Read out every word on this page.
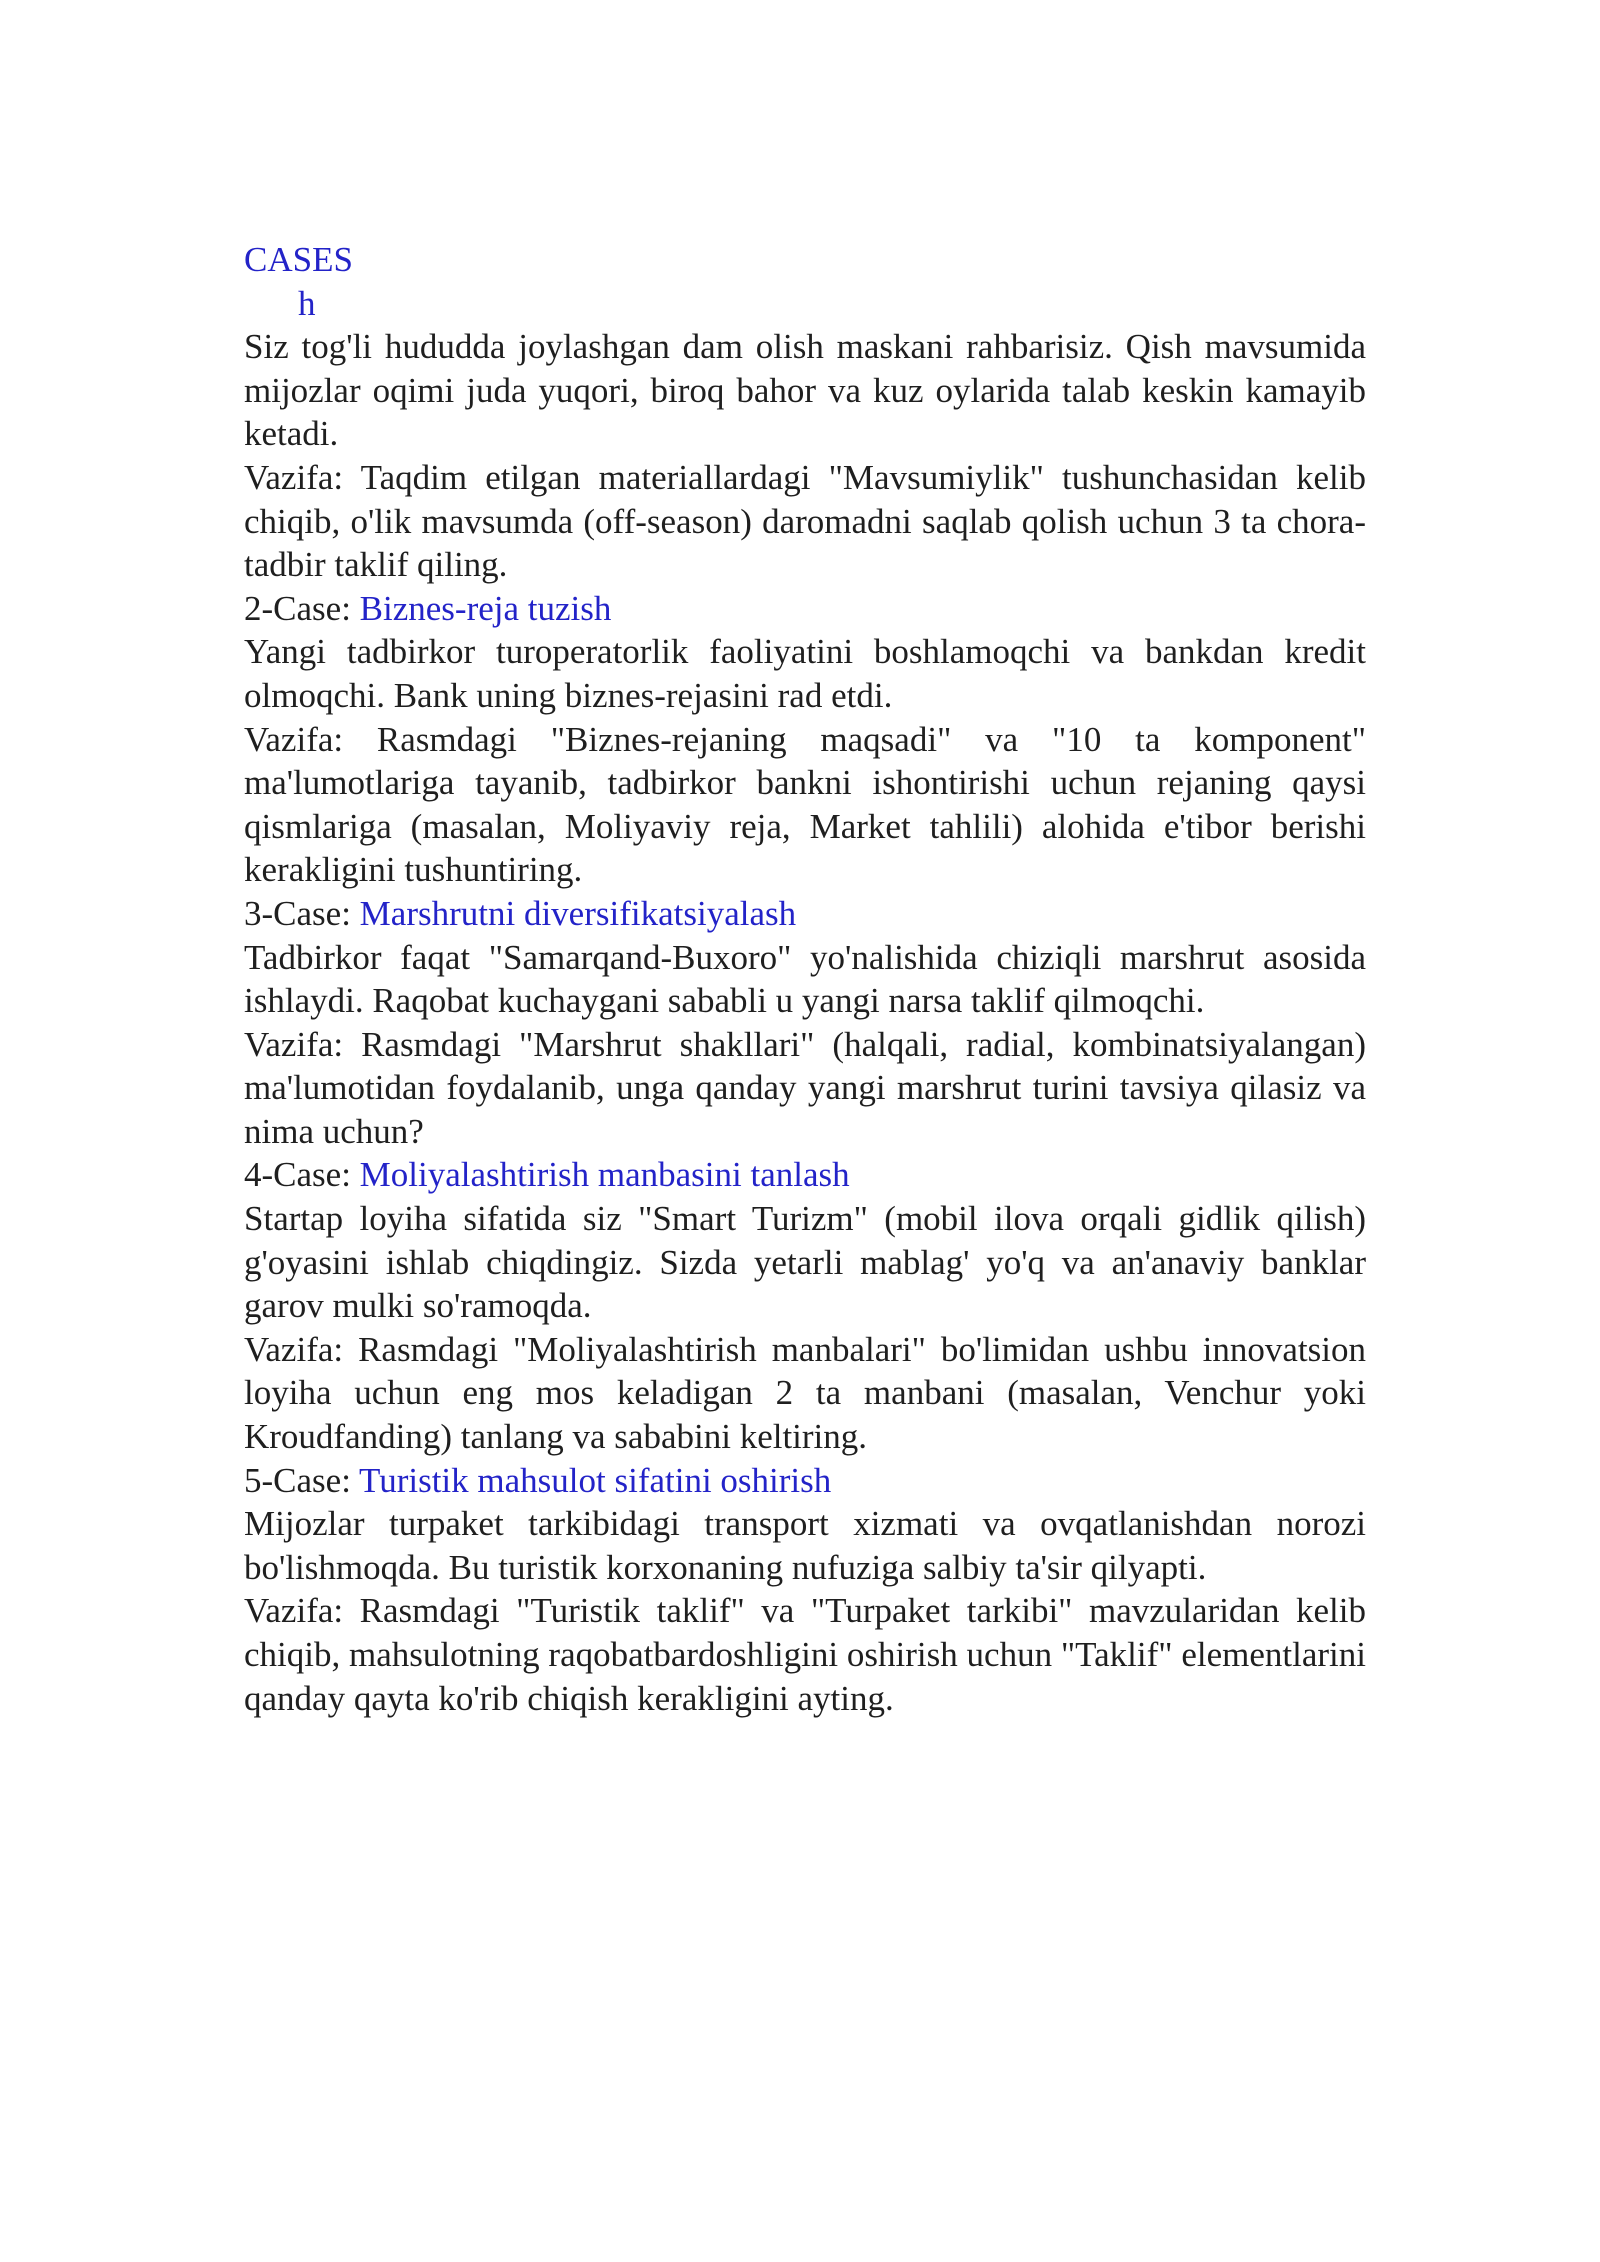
CASES
h

Siz tog'li hududda joylashgan dam olish maskani rahbarisiz. Qish mavsumida mijozlar oqimi juda yuqori, biroq bahor va kuz oylarida talab keskin kamayib ketadi.

Vazifa: Taqdim etilgan materiallardagi "Mavsumiylik" tushunchasidan kelib chiqib, o'lik mavsumda (off-season) daromadni saqlab qolish uchun 3 ta chora-tadbir taklif qiling.

2-Case: Biznes-reja tuzish

Yangi tadbirkor turoperatorlik faoliyatini boshlamoqchi va bankdan kredit olmoqchi. Bank uning biznes-rejasini rad etdi.

Vazifa: Rasmdagi "Biznes-rejaning maqsadi" va "10 ta komponent" ma'lumotlariga tayanib, tadbirkor bankni ishontirishi uchun rejaning qaysi qismlariga (masalan, Moliyaviy reja, Market tahlili) alohida e'tibor berishi kerakligini tushuntiring.

3-Case: Marshrutni diversifikatsiyalash

Tadbirkor faqat "Samarqand-Buxoro" yo'nalishida chiziqli marshrut asosida ishlaydi. Raqobat kuchaygani sababli u yangi narsa taklif qilmoqchi.

Vazifa: Rasmdagi "Marshrut shakllari" (halqali, radial, kombinatsiyalangan) ma'lumotidan foydalanib, unga qanday yangi marshrut turini tavsiya qilasiz va nima uchun?

4-Case: Moliyalashtirish manbasini tanlash

Startap loyiha sifatida siz "Smart Turizm" (mobil ilova orqali gidlik qilish) g'oyasini ishlab chiqdingiz. Sizda yetarli mablag' yo'q va an'anaviy banklar garov mulki so'ramoqda.

Vazifa: Rasmdagi "Moliyalashtirish manbalari" bo'limidan ushbu innovatsion loyiha uchun eng mos keladigan 2 ta manbani (masalan, Venchur yoki Kroudfanding) tanlang va sababini keltiring.

5-Case: Turistik mahsulot sifatini oshirish

Mijozlar turpaket tarkibidagi transport xizmati va ovqatlanishdan norozi bo'lishmoqda. Bu turistik korxonaning nufuziga salbiy ta'sir qilyapti.

Vazifa: Rasmdagi "Turistik taklif" va "Turpaket tarkibi" mavzularidan kelib chiqib, mahsulotning raqobatbardoshligini oshirish uchun "Taklif" elementlarini qanday qayta ko'rib chiqish kerakligini ayting.
